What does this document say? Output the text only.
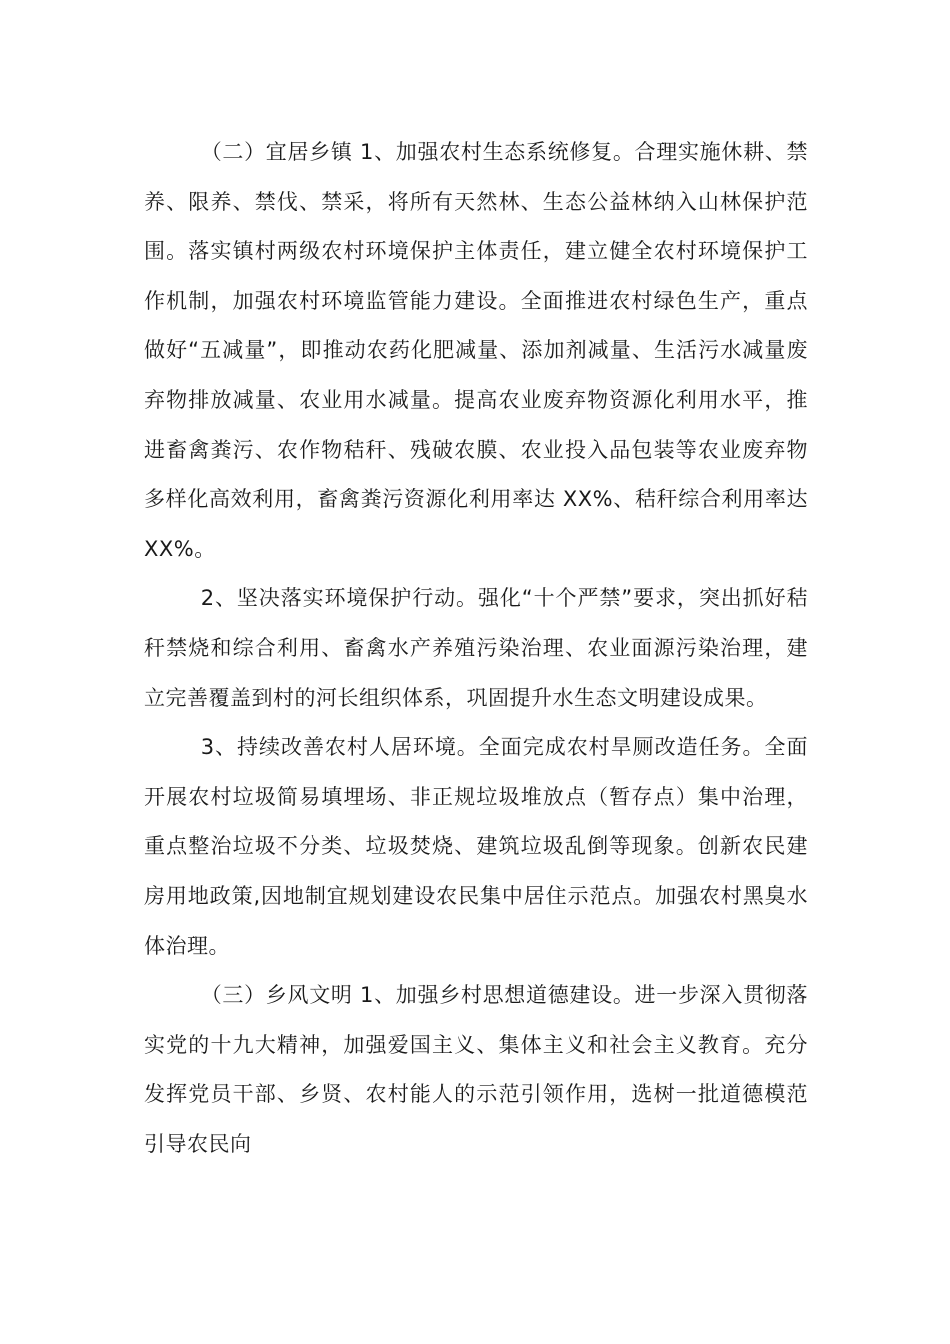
（二）宜居乡镇 1、加强农村生态系统修复。合理实施休耕、禁养、限养、禁伐、禁采，将所有天然林、生态公益林纳入山林保护范围。落实镇村两级农村环境保护主体责任，建立健全农村环境保护工作机制，加强农村环境监管能力建设。全面推进农村绿色生产，重点做好“五减量”，即推动农药化肥减量、添加剂减量、生活污水减量废弃物排放减量、农业用水减量。提高农业废弃物资源化利用水平，推进畜禽粪污、农作物秸秆、残破农膜、农业投入品包装等农业废弃物多样化高效利用，畜禽粪污资源化利用率达 XX%、秸秆综合利用率达 XX%。

2、坚决落实环境保护行动。强化“十个严禁”要求，突出抓好秸秆禁烧和综合利用、畜禽水产养殖污染治理、农业面源污染治理，建立完善覆盖到村的河长组织体系，巩固提升水生态文明建设成果。

3、持续改善农村人居环境。全面完成农村旱厕改造任务。全面开展农村垃圾简易填埋场、非正规垃圾堆放点（暂存点）集中治理，重点整治垃圾不分类、垃圾焚烧、建筑垃圾乱倒等现象。创新农民建房用地政策,因地制宜规划建设农民集中居住示范点。加强农村黑臭水体治理。

（三）乡风文明 1、加强乡村思想道德建设。进一步深入贯彻落实党的十九大精神，加强爱国主义、集体主义和社会主义教育。充分发挥党员干部、乡贤、农村能人的示范引领作用，选树一批道德模范引导农民向
